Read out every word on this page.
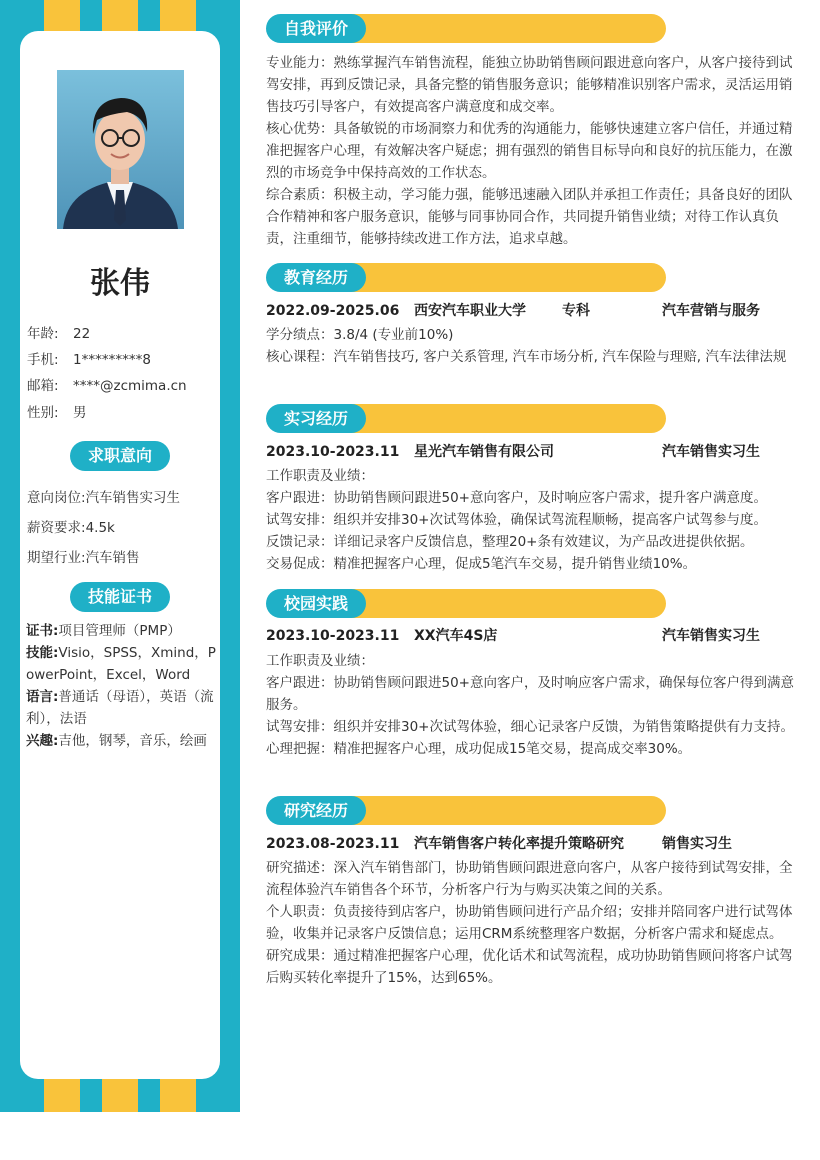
张伟
年龄: 22
手机: 1*********8
邮箱: ****@zcmima.cn
性别: 男
求职意向
意向岗位:汽车销售实习生
薪资要求:4.5k
期望行业:汽车销售
技能证书

证书:项目管理师（PMP）

技能:Visio，SPSS，Xmind，PowerPoint，Excel，Word

语言:普通话（母语），英语（流利），法语

兴趣:吉他，钢琴，音乐，绘画

自我评价

专业能力：熟练掌握汽车销售流程，能独立协助销售顾问跟进意向客户，从客户接待到试驾安排，再到反馈记录，具备完整的销售服务意识；能够精准识别客户需求，灵活运用销售技巧引导客户，有效提高客户满意度和成交率。

核心优势：具备敏锐的市场洞察力和优秀的沟通能力，能够快速建立客户信任，并通过精准把握客户心理，有效解决客户疑虑；拥有强烈的销售目标导向和良好的抗压能力，在激烈的市场竞争中保持高效的工作状态。

综合素质：积极主动，学习能力强，能够迅速融入团队并承担工作责任；具备良好的团队合作精神和客户服务意识，能够与同事协同合作，共同提升销售业绩；对待工作认真负责，注重细节，能够持续改进工作方法，追求卓越。

教育经历
2022.09-2025.06 西安汽车职业大学	专科	汽车营销与服务

学分绩点：3.8/4 (专业前10%)

核心课程：汽车销售技巧, 客户关系管理, 汽车市场分析, 汽车保险与理赔, 汽车法律法规

实习经历
2023.10-2023.11 星光汽车销售有限公司	汽车销售实习生

工作职责及业绩：

客户跟进：协助销售顾问跟进50+意向客户，及时响应客户需求，提升客户满意度。

试驾安排：组织并安排30+次试驾体验，确保试驾流程顺畅，提高客户试驾参与度。

反馈记录：详细记录客户反馈信息，整理20+条有效建议，为产品改进提供依据。

交易促成：精准把握客户心理，促成5笔汽车交易，提升销售业绩10%。

校园实践
2023.10-2023.11 XX汽车4S店	汽车销售实习生

工作职责及业绩：

客户跟进：协助销售顾问跟进50+意向客户，及时响应客户需求，确保每位客户得到满意服务。

试驾安排：组织并安排30+次试驾体验，细心记录客户反馈，为销售策略提供有力支持。

心理把握：精准把握客户心理，成功促成15笔交易，提高成交率30%。

研究经历
2023.08-2023.11 汽车销售客户转化率提升策略研究	销售实习生

研究描述：深入汽车销售部门，协助销售顾问跟进意向客户，从客户接待到试驾安排，全流程体验汽车销售各个环节，分析客户行为与购买决策之间的关系。

个人职责：负责接待到店客户，协助销售顾问进行产品介绍；安排并陪同客户进行试驾体验，收集并记录客户反馈信息；运用CRM系统整理客户数据，分析客户需求和疑虑点。

研究成果：通过精准把握客户心理，优化话术和试驾流程，成功协助销售顾问将客户试驾后购买转化率提升了15%，达到65%。
